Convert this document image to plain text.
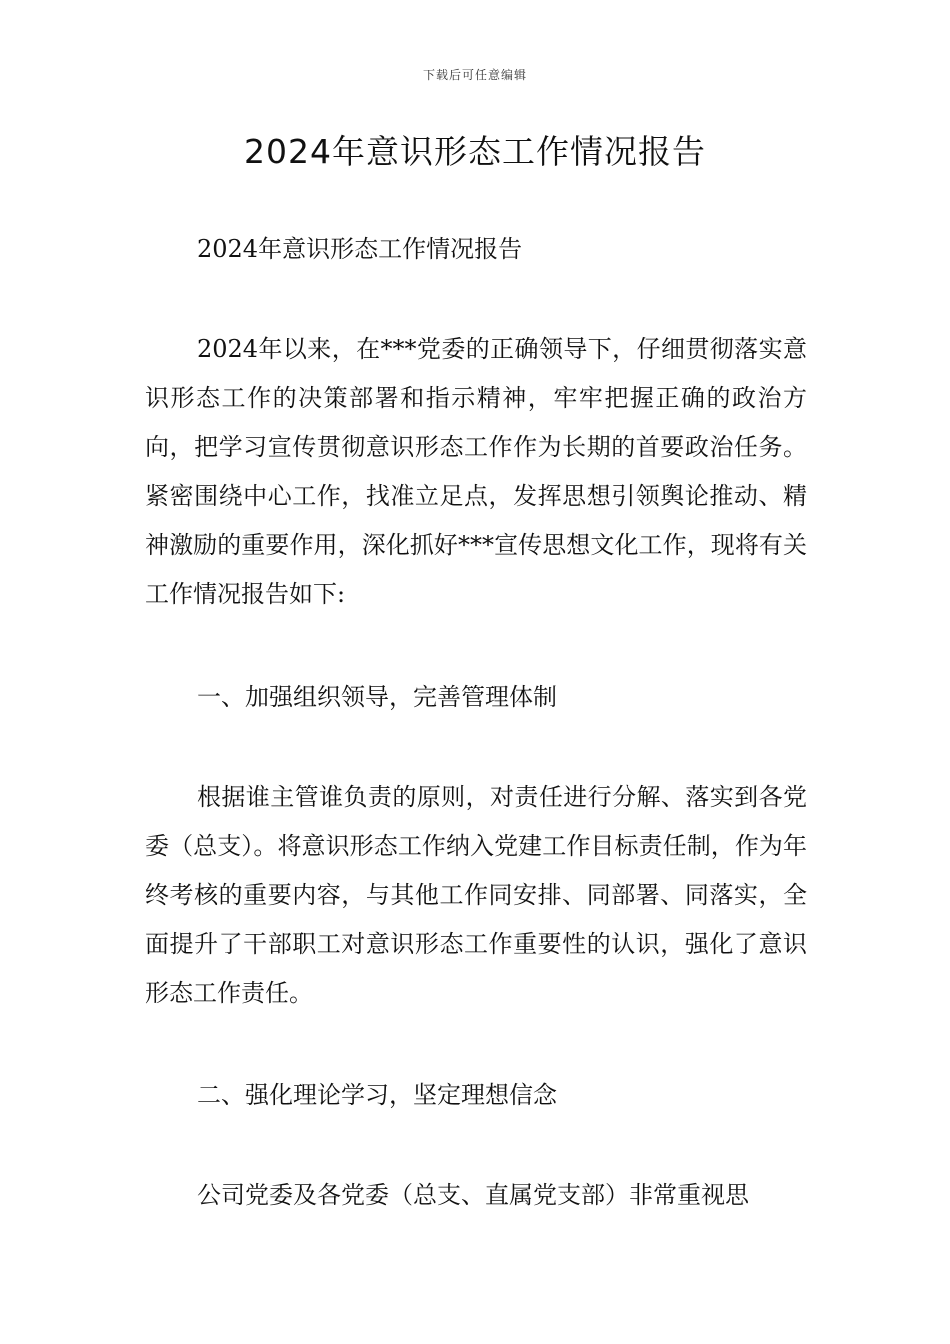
下载后可任意编辑
2024年意识形态工作情况报告

2024年意识形态工作情况报告

2024年以来，在***党委的正确领导下，仔细贯彻落实意识形态工作的决策部署和指示精神，牢牢把握正确的政治方向，把学习宣传贯彻意识形态工作作为长期的首要政治任务。紧密围绕中心工作，找准立足点，发挥思想引领舆论推动、精神激励的重要作用，深化抓好***宣传思想文化工作，现将有关工作情况报告如下:

一、加强组织领导，完善管理体制

根据谁主管谁负责的原则，对责任进行分解、落实到各党委（总支）。将意识形态工作纳入党建工作目标责任制，作为年终考核的重要内容，与其他工作同安排、同部署、同落实，全面提升了干部职工对意识形态工作重要性的认识，强化了意识形态工作责任。

二、强化理论学习，坚定理想信念

公司党委及各党委（总支、直属党支部）非常重视思
